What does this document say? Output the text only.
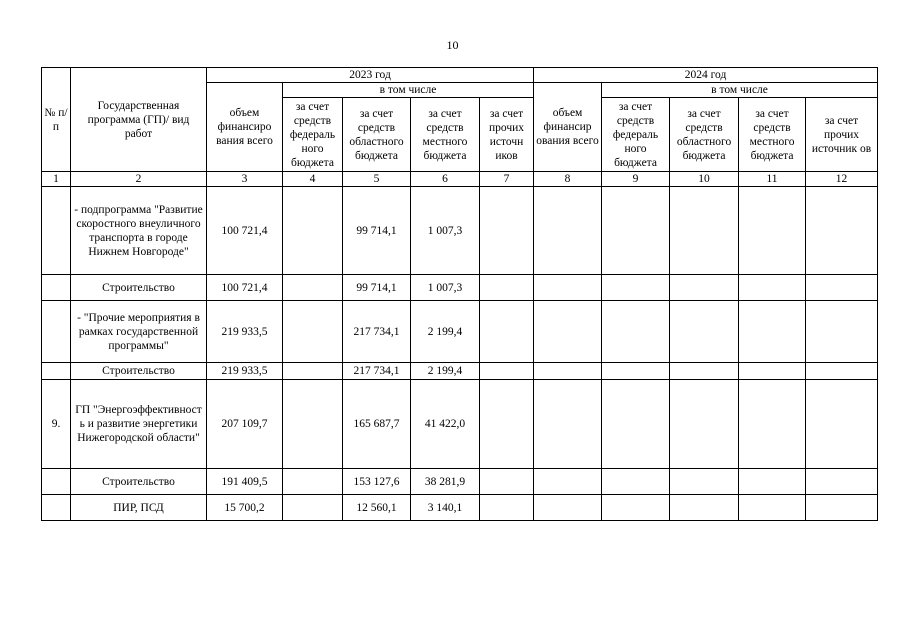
10
№ п/п	Государственная программа (ГП)/ вид работ	2023 год					2024 год				
		объем финансиро вания всего	в том числе				объем финансир ования всего	в том числе			
			за счет средств федераль ного бюджета	за счет средств областного бюджета	за счет средств местного бюджета	за счет прочих источн иков		за счет средств федераль ного бюджета	за счет средств областного бюджета	за счет средств местного бюджета	за счет прочих источник ов
1	2	3	4	5	6	7	8	9	10	11	12
	- подпрограмма "Развитие скоростного внеуличного транспорта в городе Нижнем Новгороде"	100 721,4		99 714,1	1 007,3						
	Строительство	100 721,4		99 714,1	1 007,3						
	- "Прочие мероприятия в рамках государственной программы"	219 933,5		217 734,1	2 199,4						
	Строительство	219 933,5		217 734,1	2 199,4						
9.	ГП "Энергоэффективност ь и развитие энергетики Нижегородской области"	207 109,7		165 687,7	41 422,0						
	Строительство	191 409,5		153 127,6	38 281,9						
	ПИР, ПСД	15 700,2		12 560,1	3 140,1						
